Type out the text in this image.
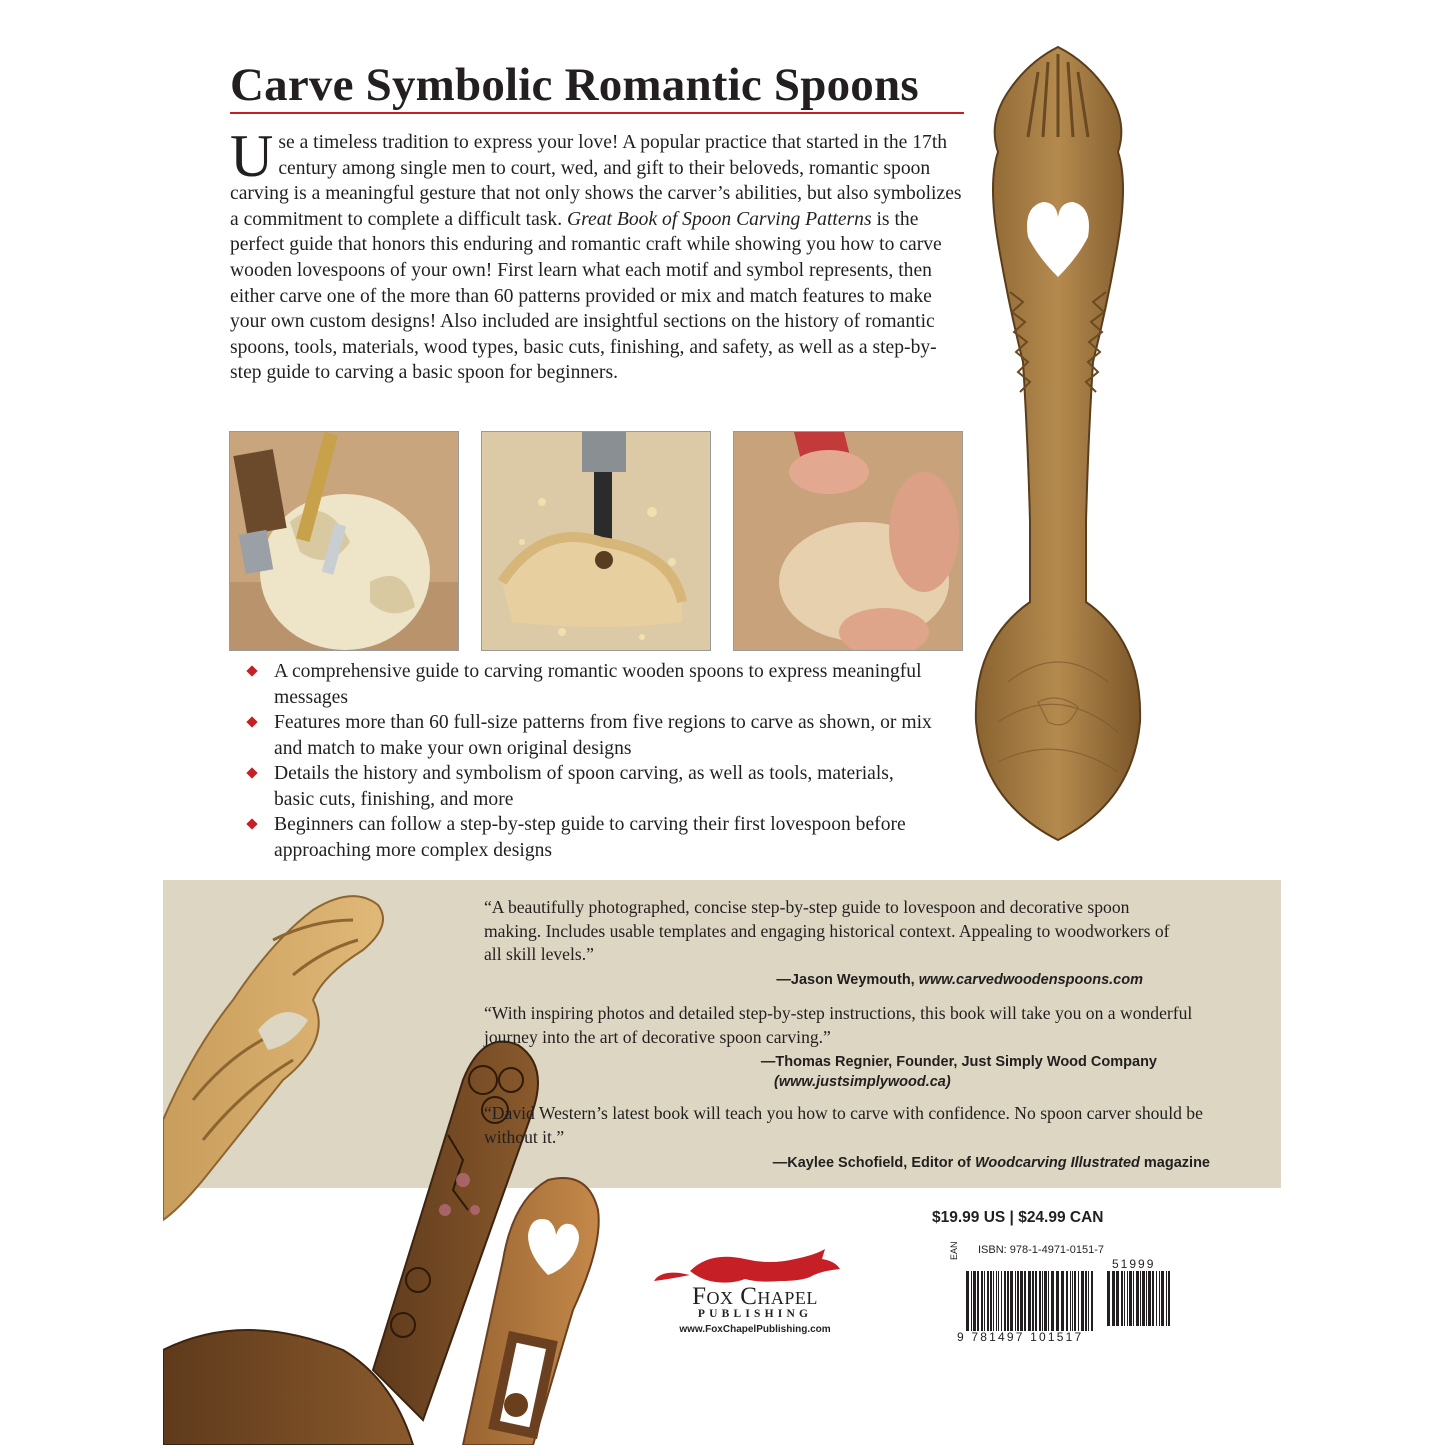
Carve Symbolic Romantic Spoons

Use a timeless tradition to express your love! A popular practice that started in the 17th century among single men to court, wed, and gift to their beloveds, romantic spoon carving is a meaningful gesture that not only shows the carver’s abilities, but also symbolizes a commitment to complete a difficult task. Great Book of Spoon Carving Patterns is the perfect guide that honors this enduring and romantic craft while showing you how to carve wooden lovespoons of your own! First learn what each motif and symbol represents, then either carve one of the more than 60 patterns provided or mix and match features to make your own custom designs! Also included are insightful sections on the history of romantic spoons, tools, materials, wood types, basic cuts, finishing, and safety, as well as a step-by-step guide to carving a basic spoon for beginners.

A comprehensive guide to carving romantic wooden spoons to express meaningful messages
Features more than 60 full-size patterns from five regions to carve as shown, or mix and match to make your own original designs
Details the history and symbolism of spoon carving, as well as tools, materials, basic cuts, finishing, and more
Beginners can follow a step-by-step guide to carving their first lovespoon before approaching more complex designs
“A beautifully photographed, concise step-by-step guide to lovespoon and decorative spoon making. Includes usable templates and engaging historical context. Appealing to woodworkers of all skill levels.”
—Jason Weymouth, www.carvedwoodenspoons.com
“With inspiring photos and detailed step-by-step instructions, this book will take you on a wonderful journey into the art of decorative spoon carving.”
—Thomas Regnier, Founder, Just Simply Wood Company
(www.justsimplywood.ca)
“David Western’s latest book will teach you how to carve with confidence. No spoon carver should be without it.”
—Kaylee Schofield, Editor of Woodcarving Illustrated magazine
$19.99 US | $24.99 CAN
Fox Chapel
PUBLISHING
www.FoxChapelPublishing.com
ISBN: 978-1-4971-0151-7
EAN
51999
9 781497 101517
